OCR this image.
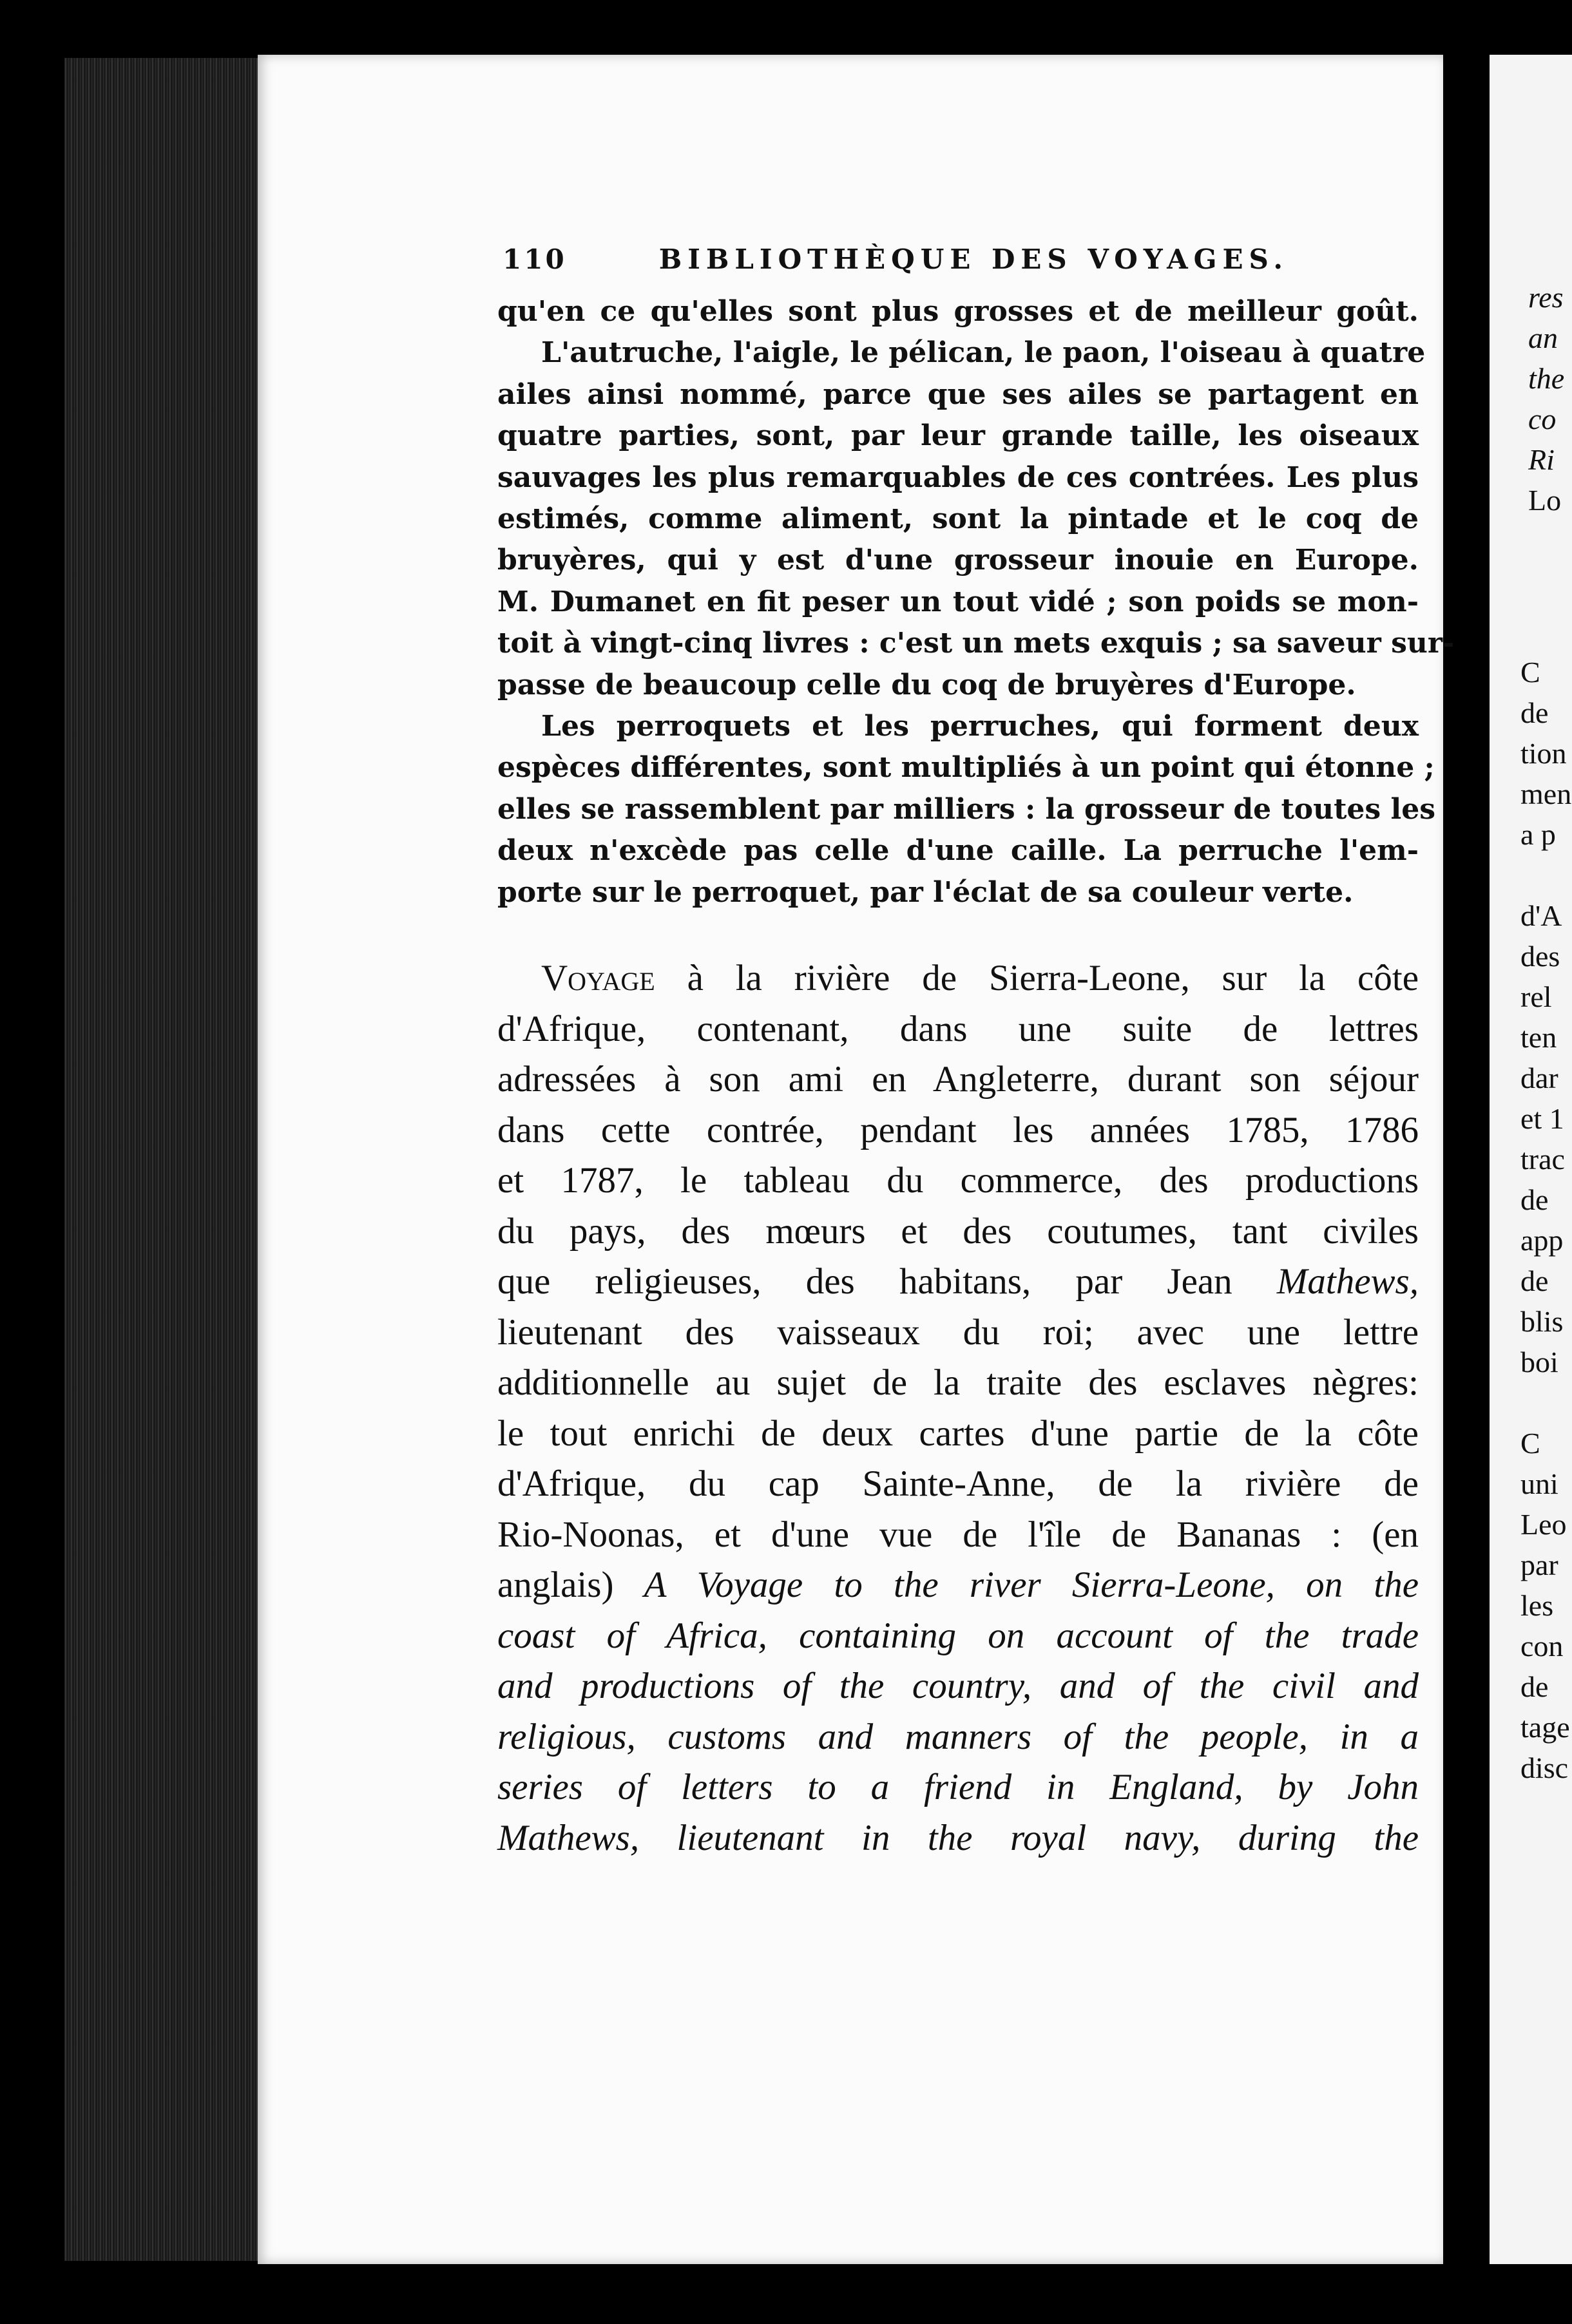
110	BIBLIOTHÈQUE DES VOYAGES.
qu'en ce qu'elles sont plus grosses et de meilleur goût.
L'autruche, l'aigle, le pélican, le paon, l'oiseau à quatre
ailes ainsi nommé, parce que ses ailes se partagent en
quatre parties, sont, par leur grande taille, les oiseaux
sauvages les plus remarquables de ces contrées. Les plus
estimés, comme aliment, sont la pintade et le coq de
bruyères, qui y est d'une grosseur inouie en Europe.
M. Dumanet en fit peser un tout vidé ; son poids se mon-
toit à vingt-cinq livres : c'est un mets exquis ; sa saveur sur-
passe de beaucoup celle du coq de bruyères d'Europe.
Les perroquets et les perruches, qui forment deux
espèces différentes, sont multipliés à un point qui étonne ;
elles se rassemblent par milliers : la grosseur de toutes les
deux n'excède pas celle d'une caille. La perruche l'em-
porte sur le perroquet, par l'éclat de sa couleur verte.
Voyage à la rivière de Sierra-Leone, sur la côte
d'Afrique, contenant, dans une suite de lettres
adressées à son ami en Angleterre, durant son séjour
dans cette contrée, pendant les années 1785, 1786
et 1787, le tableau du commerce, des productions
du pays, des mœurs et des coutumes, tant civiles
que religieuses, des habitans, par Jean Mathews,
lieutenant des vaisseaux du roi; avec une lettre
additionnelle au sujet de la traite des esclaves nègres:
le tout enrichi de deux cartes d'une partie de la côte
d'Afrique, du cap Sainte-Anne, de la rivière de
Rio-Noonas, et d'une vue de l'île de Bananas : (en
anglais) A Voyage to the river Sierra-Leone, on the
coast of Africa, containing on account of the trade
and productions of the country, and of the civil and
religious, customs and manners of the people, in a
series of letters to a friend in England, by John
Mathews, lieutenant in the royal navy, during the
res
an
the
co
Ri
Lo
C
de
tion
men
a p

d'A
des
rel
ten
dar
et 1
trac
de
app
de
blis
boi

C
uni
Leo
par
les
con
de
tage
disc
